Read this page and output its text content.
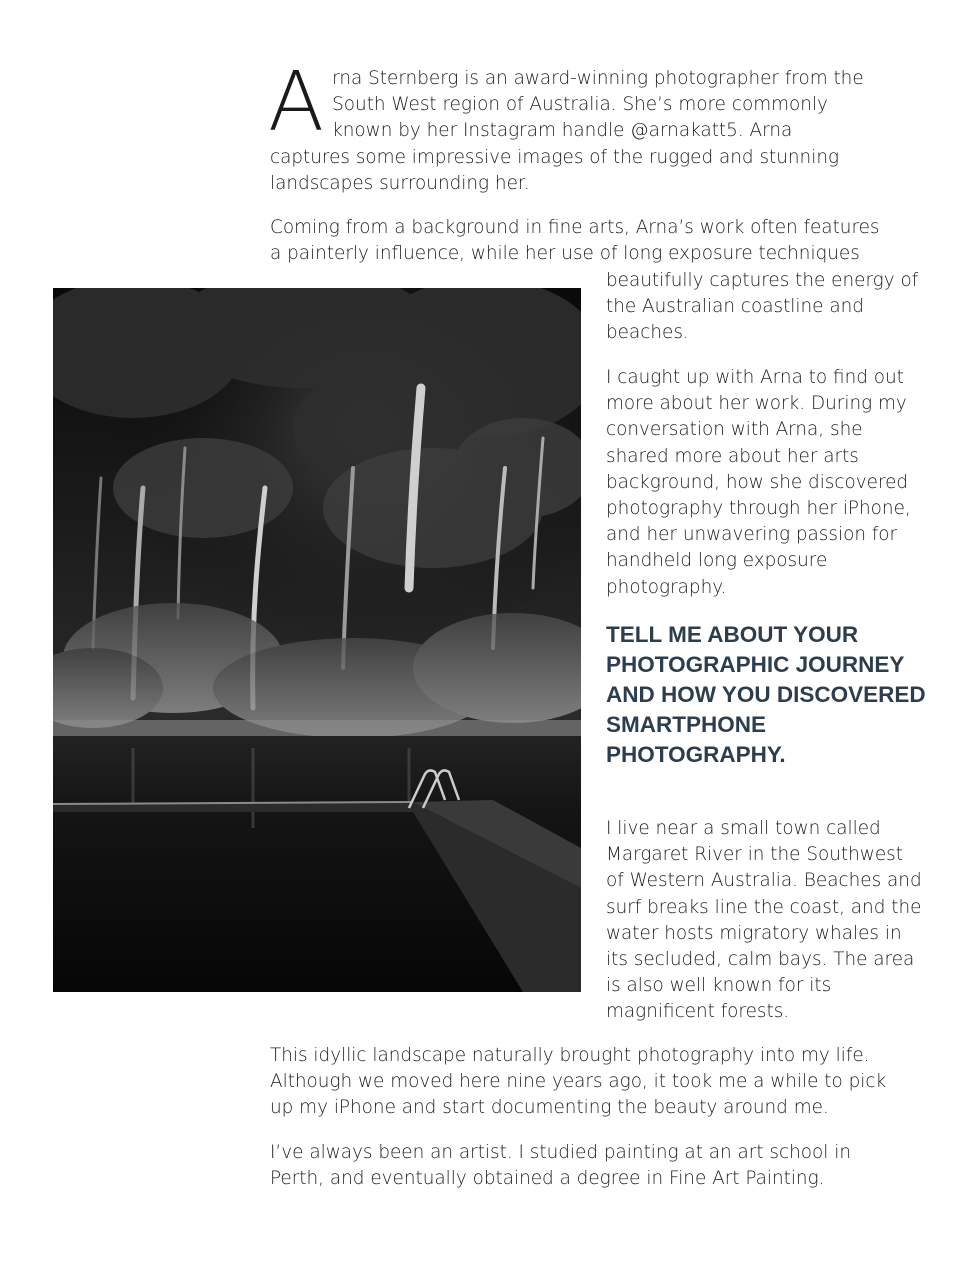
Arna Sternberg is an award-winning photographer from the South West region of Australia. She’s more commonly known by her Instagram handle @arnakatt5. Arna captures some impressive images of the rugged and stunning landscapes surrounding her.

Coming from a background in fine arts, Arna’s work often features a painterly influence, while her use of long exposure techniques

beautifully captures the energy of the Australian coastline and beaches.

I caught up with Arna to find out more about her work. During my conversation with Arna, she shared more about her arts background, how she discovered photography through her iPhone, and her unwavering passion for handheld long exposure photography.

TELL ME ABOUT YOUR PHOTOGRAPHIC JOURNEY AND HOW YOU DISCOVERED SMARTPHONE PHOTOGRAPHY.

I live near a small town called Margaret River in the Southwest of Western Australia. Beaches and surf breaks line the coast, and the water hosts migratory whales in its secluded, calm bays. The area is also well known for its magnificent forests.

This idyllic landscape naturally brought photography into my life. Although we moved here nine years ago, it took me a while to pick up my iPhone and start documenting the beauty around me.

I’ve always been an artist. I studied painting at an art school in Perth, and eventually obtained a degree in Fine Art Painting.
